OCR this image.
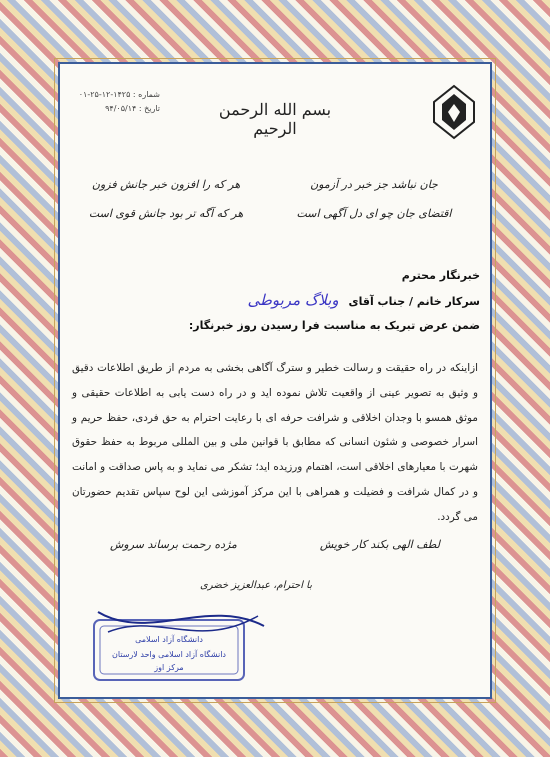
شماره : ۱۴۲۵-۱۲-۲۵-۰۱
تاریخ : ۹۴/۰۵/۱۴	بسم الله الرحمن الرحیم
جان نباشد جز خبر در آزمون
هر که را افزون خبر جانش فزون
اقتضای جان چو ای دل آگهی است
هر که آگه تر بود جانش قوی است
خبرنگار محترم
سرکار خانم / جناب آقای وبلاگ مربوطی
ضمن عرض تبریک به مناسبت فرا رسیدن روز خبرنگار:
ازاینکه در راه حقیقت و رسالت خطیر و سترگ آگاهی بخشی به مردم از طریق اطلاعات دقیق و وثیق به تصویر عینی از واقعیت تلاش نموده اید و در راه دست یابی به اطلاعات حقیقی و موثق همسو با وجدان اخلاقی و شرافت حرفه ای با رعایت احترام به حق فردی، حفظ حریم و اسرار خصوصی و شئون انسانی که مطابق با قوانین ملی و بین المللی مربوط به حفظ حقوق شهرت با معیارهای اخلاقی است، اهتمام ورزیده اید؛ تشکر می نماید و به پاس صداقت و امانت و در کمال شرافت و فضیلت و همراهی با این مرکز آموزشی این لوح سپاس تقدیم حضورتان می گردد.
لطف الهی بکند کار خویش
مژده رحمت برساند سروش
با احترام، عبدالعزیز خضری
دانشگاه آزاد اسلامی
دانشگاه آزاد اسلامی واحد لارستان
مرکز اوز
